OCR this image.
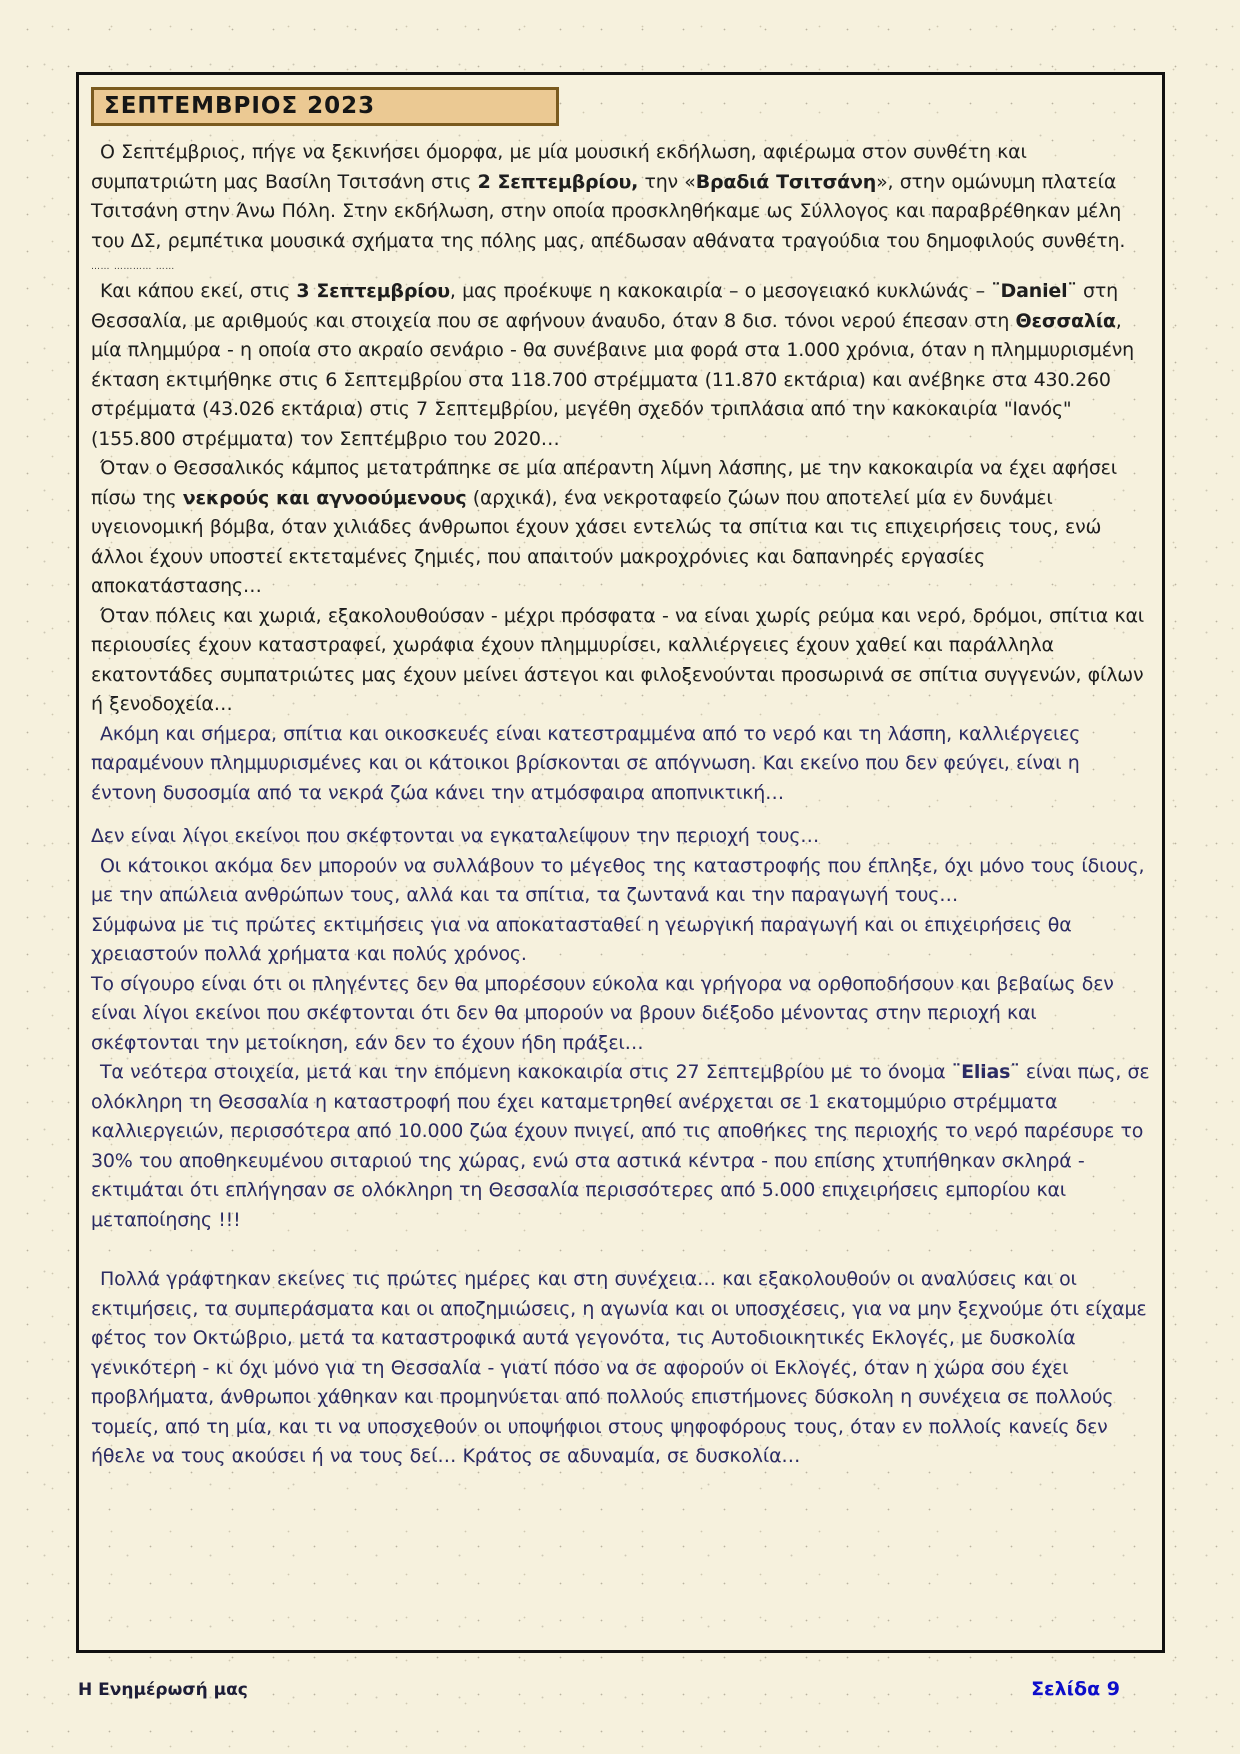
ΣΕΠΤΕΜΒΡΙΟΣ 2023

Ο Σεπτέμβριος, πήγε να ξεκινήσει όμορφα, με μία μουσική εκδήλωση, αφιέρωμα στον συνθέτη και συμπατριώτη μας Βασίλη Τσιτσάνη στις 2 Σεπτεμβρίου, την «Βραδιά Τσιτσάνη», στην ομώνυμη πλατεία Τσιτσάνη στην Άνω Πόλη. Στην εκδήλωση, στην οποία προσκληθήκαμε ως Σύλλογος και παραβρέθηκαν μέλη του ΔΣ, ρεμπέτικα μουσικά σχήματα της πόλης μας, απέδωσαν αθάνατα τραγούδια του δημοφιλούς συνθέτη.

…… ………… ……

Και κάπου εκεί, στις 3 Σεπτεμβρίου, μας προέκυψε η κακοκαιρία – ο μεσογειακό κυκλώνάς – ¨Daniel¨ στη Θεσσαλία, με αριθμούς και στοιχεία που σε αφήνουν άναυδο, όταν 8 δισ. τόνοι νερού έπεσαν στη Θεσσαλία, μία πλημμύρα - η οποία στο ακραίο σενάριο - θα συνέβαινε μια φορά στα 1.000 χρόνια, όταν η πλημμυρισμένη έκταση εκτιμήθηκε στις 6 Σεπτεμβρίου στα 118.700 στρέμματα (11.870 εκτάρια) και ανέβηκε στα 430.260 στρέμματα (43.026 εκτάρια) στις 7 Σεπτεμβρίου, μεγέθη σχεδόν τριπλάσια από την κακοκαιρία "Ιανός" (155.800 στρέμματα) τον Σεπτέμβριο του 2020…

Όταν ο Θεσσαλικός κάμπος μετατράπηκε σε μία απέραντη λίμνη λάσπης, με την κακοκαιρία να έχει αφήσει πίσω της νεκρούς και αγνοούμενους (αρχικά), ένα νεκροταφείο ζώων που αποτελεί μία εν δυνάμει υγειονομική βόμβα, όταν χιλιάδες άνθρωποι έχουν χάσει εντελώς τα σπίτια και τις επιχειρήσεις τους, ενώ άλλοι έχουν υποστεί εκτεταμένες ζημιές, που απαιτούν μακροχρόνιες και δαπανηρές εργασίες αποκατάστασης…

Όταν πόλεις και χωριά, εξακολουθούσαν - μέχρι πρόσφατα - να είναι χωρίς ρεύμα και νερό, δρόμοι, σπίτια και περιουσίες έχουν καταστραφεί, χωράφια έχουν πλημμυρίσει, καλλιέργειες έχουν χαθεί και παράλληλα εκατοντάδες συμπατριώτες μας έχουν μείνει άστεγοι και φιλοξενούνται προσωρινά σε σπίτια συγγενών, φίλων ή ξενοδοχεία…

Ακόμη και σήμερα, σπίτια και οικοσκευές είναι κατεστραμμένα από το νερό και τη λάσπη, καλλιέργειες παραμένουν πλημμυρισμένες και οι κάτοικοι βρίσκονται σε απόγνωση. Και εκείνο που δεν φεύγει, είναι η έντονη δυσοσμία από τα νεκρά ζώα κάνει την ατμόσφαιρα αποπνικτική…

Δεν είναι λίγοι εκείνοι που σκέφτονται να εγκαταλείψουν την περιοχή τους…

Οι κάτοικοι ακόμα δεν μπορούν να συλλάβουν το μέγεθος της καταστροφής που έπληξε, όχι μόνο τους ίδιους, με την απώλεια ανθρώπων τους, αλλά και τα σπίτια, τα ζωντανά και την παραγωγή τους…

Σύμφωνα με τις πρώτες εκτιμήσεις για να αποκατασταθεί η γεωργική παραγωγή και οι επιχειρήσεις θα χρειαστούν πολλά χρήματα και πολύς χρόνος.

Το σίγουρο είναι ότι οι πληγέντες δεν θα μπορέσουν εύκολα και γρήγορα να ορθοποδήσουν και βεβαίως δεν είναι λίγοι εκείνοι που σκέφτονται ότι δεν θα μπορούν να βρουν διέξοδο μένοντας στην περιοχή και σκέφτονται την μετοίκηση, εάν δεν το έχουν ήδη πράξει…

Τα νεότερα στοιχεία, μετά και την επόμενη κακοκαιρία στις 27 Σεπτεμβρίου με το όνομα ¨Elias¨ είναι πως, σε ολόκληρη τη Θεσσαλία η καταστροφή που έχει καταμετρηθεί ανέρχεται σε 1 εκατομμύριο στρέμματα καλλιεργειών, περισσότερα από 10.000 ζώα έχουν πνιγεί, από τις αποθήκες της περιοχής το νερό παρέσυρε το 30% του αποθηκευμένου σιταριού της χώρας, ενώ στα αστικά κέντρα - που επίσης χτυπήθηκαν σκληρά - εκτιμάται ότι επλήγησαν σε ολόκληρη τη Θεσσαλία περισσότερες από 5.000 επιχειρήσεις εμπορίου και μεταποίησης !!!

Πολλά γράφτηκαν εκείνες τις πρώτες ημέρες και στη συνέχεια… και εξακολουθούν οι αναλύσεις και οι εκτιμήσεις, τα συμπεράσματα και οι αποζημιώσεις, η αγωνία και οι υποσχέσεις, για να μην ξεχνούμε ότι είχαμε φέτος τον Οκτώβριο, μετά τα καταστροφικά αυτά γεγονότα, τις Αυτοδιοικητικές Εκλογές, με δυσκολία γενικότερη - κι όχι μόνο για τη Θεσσαλία - γιατί πόσο να σε αφορούν οι Εκλογές, όταν η χώρα σου έχει προβλήματα, άνθρωποι χάθηκαν και προμηνύεται από πολλούς επιστήμονες δύσκολη η συνέχεια σε πολλούς τομείς, από τη μία, και τι να υποσχεθούν οι υποψήφιοι στους ψηφοφόρους τους, όταν εν πολλοίς κανείς δεν ήθελε να τους ακούσει ή να τους δεί… Κράτος σε αδυναμία, σε δυσκολία…

Η Ενημέρωσή μας	Σελίδα 9
